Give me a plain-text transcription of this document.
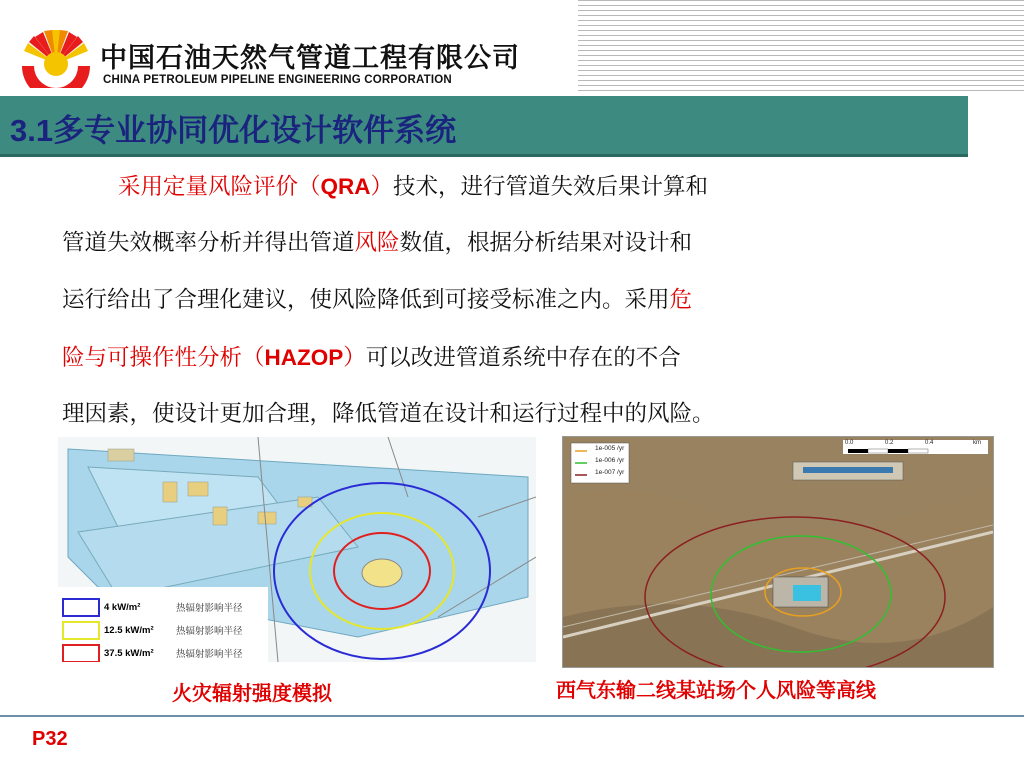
中国石油天然气管道工程有限公司
CHINA PETROLEUM PIPELINE ENGINEERING CORPORATION
3.1多专业协同优化设计软件系统
采用定量风险评价（QRA）技术，进行管道失效后果计算和
管道失效概率分析并得出管道风险数值，根据分析结果对设计和
运行给出了合理化建议，使风险降低到可接受标准之内。采用危
险与可操作性分析（HAZOP）可以改进管道系统中存在的不合
理因素，使设计更加合理，降低管道在设计和运行过程中的风险。
4 kW/m²	热辐射影响半径
12.5 kW/m²	热辐射影响半径
37.5 kW/m²	热辐射影响半径
1e-005 /yr
1e-006 /yr
1e-007 /yr
0.0	0.2	0.4	km
火灾辐射强度模拟	西气东输二线某站场个人风险等高线
P32
